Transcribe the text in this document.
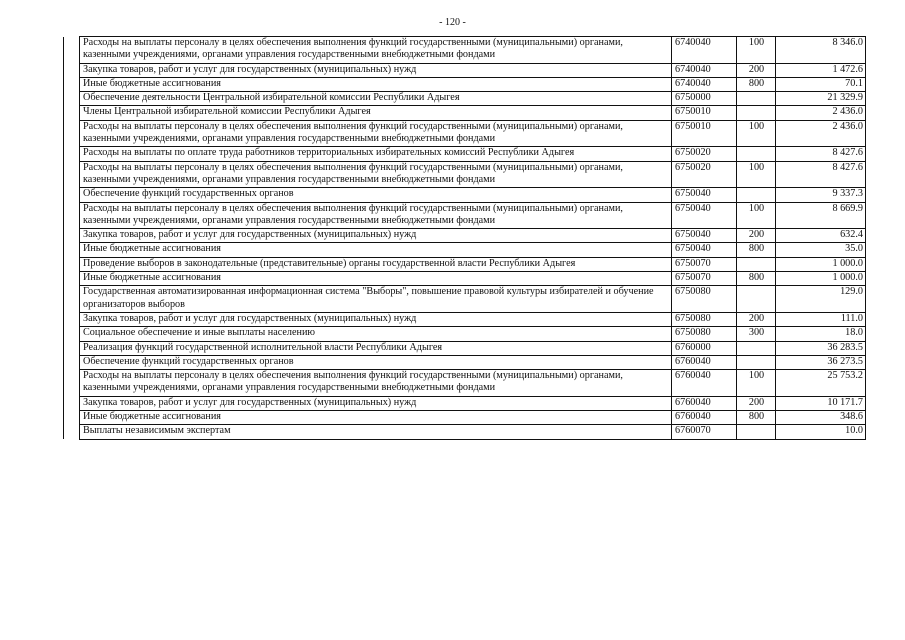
- 120 -
	Расходы на выплаты персоналу в целях обеспечения выполнения функций государственными (муниципальными) органами, казенными учреждениями, органами управления государственными внебюджетными фондами	6740040	100	8 346.0
	Закупка товаров, работ и услуг для государственных (муниципальных) нужд	6740040	200	1 472.6
	Иные бюджетные ассигнования	6740040	800	70.1
	Обеспечение деятельности Центральной избирательной комиссии Республики Адыгея	6750000		21 329.9
	Члены Центральной избирательной комиссии Республики Адыгея	6750010		2 436.0
	Расходы на выплаты персоналу в целях обеспечения выполнения функций государственными (муниципальными) органами, казенными учреждениями, органами управления государственными внебюджетными фондами	6750010	100	2 436.0
	Расходы на выплаты по оплате труда работников территориальных избирательных комиссий Республики Адыгея	6750020		8 427.6
	Расходы на выплаты персоналу в целях обеспечения выполнения функций государственными (муниципальными) органами, казенными учреждениями, органами управления государственными внебюджетными фондами	6750020	100	8 427.6
	Обеспечение функций государственных органов	6750040		9 337.3
	Расходы на выплаты персоналу в целях обеспечения выполнения функций государственными (муниципальными) органами, казенными учреждениями, органами управления государственными внебюджетными фондами	6750040	100	8 669.9
	Закупка товаров, работ и услуг для государственных (муниципальных) нужд	6750040	200	632.4
	Иные бюджетные ассигнования	6750040	800	35.0
	Проведение выборов в законодательные (представительные) органы государственной власти Республики Адыгея	6750070		1 000.0
	Иные бюджетные ассигнования	6750070	800	1 000.0
	Государственная автоматизированная информационная система "Выборы", повышение правовой культуры избирателей и обучение организаторов выборов	6750080		129.0
	Закупка товаров, работ и услуг для государственных (муниципальных) нужд	6750080	200	111.0
	Социальное обеспечение и иные выплаты населению	6750080	300	18.0
	Реализация функций государственной исполнительной власти Республики Адыгея	6760000		36 283.5
	Обеспечение функций государственных органов	6760040		36 273.5
	Расходы на выплаты персоналу в целях обеспечения выполнения функций государственными (муниципальными) органами, казенными учреждениями, органами управления государственными внебюджетными фондами	6760040	100	25 753.2
	Закупка товаров, работ и услуг для государственных (муниципальных) нужд	6760040	200	10 171.7
	Иные бюджетные ассигнования	6760040	800	348.6
	Выплаты независимым экспертам	6760070		10.0
